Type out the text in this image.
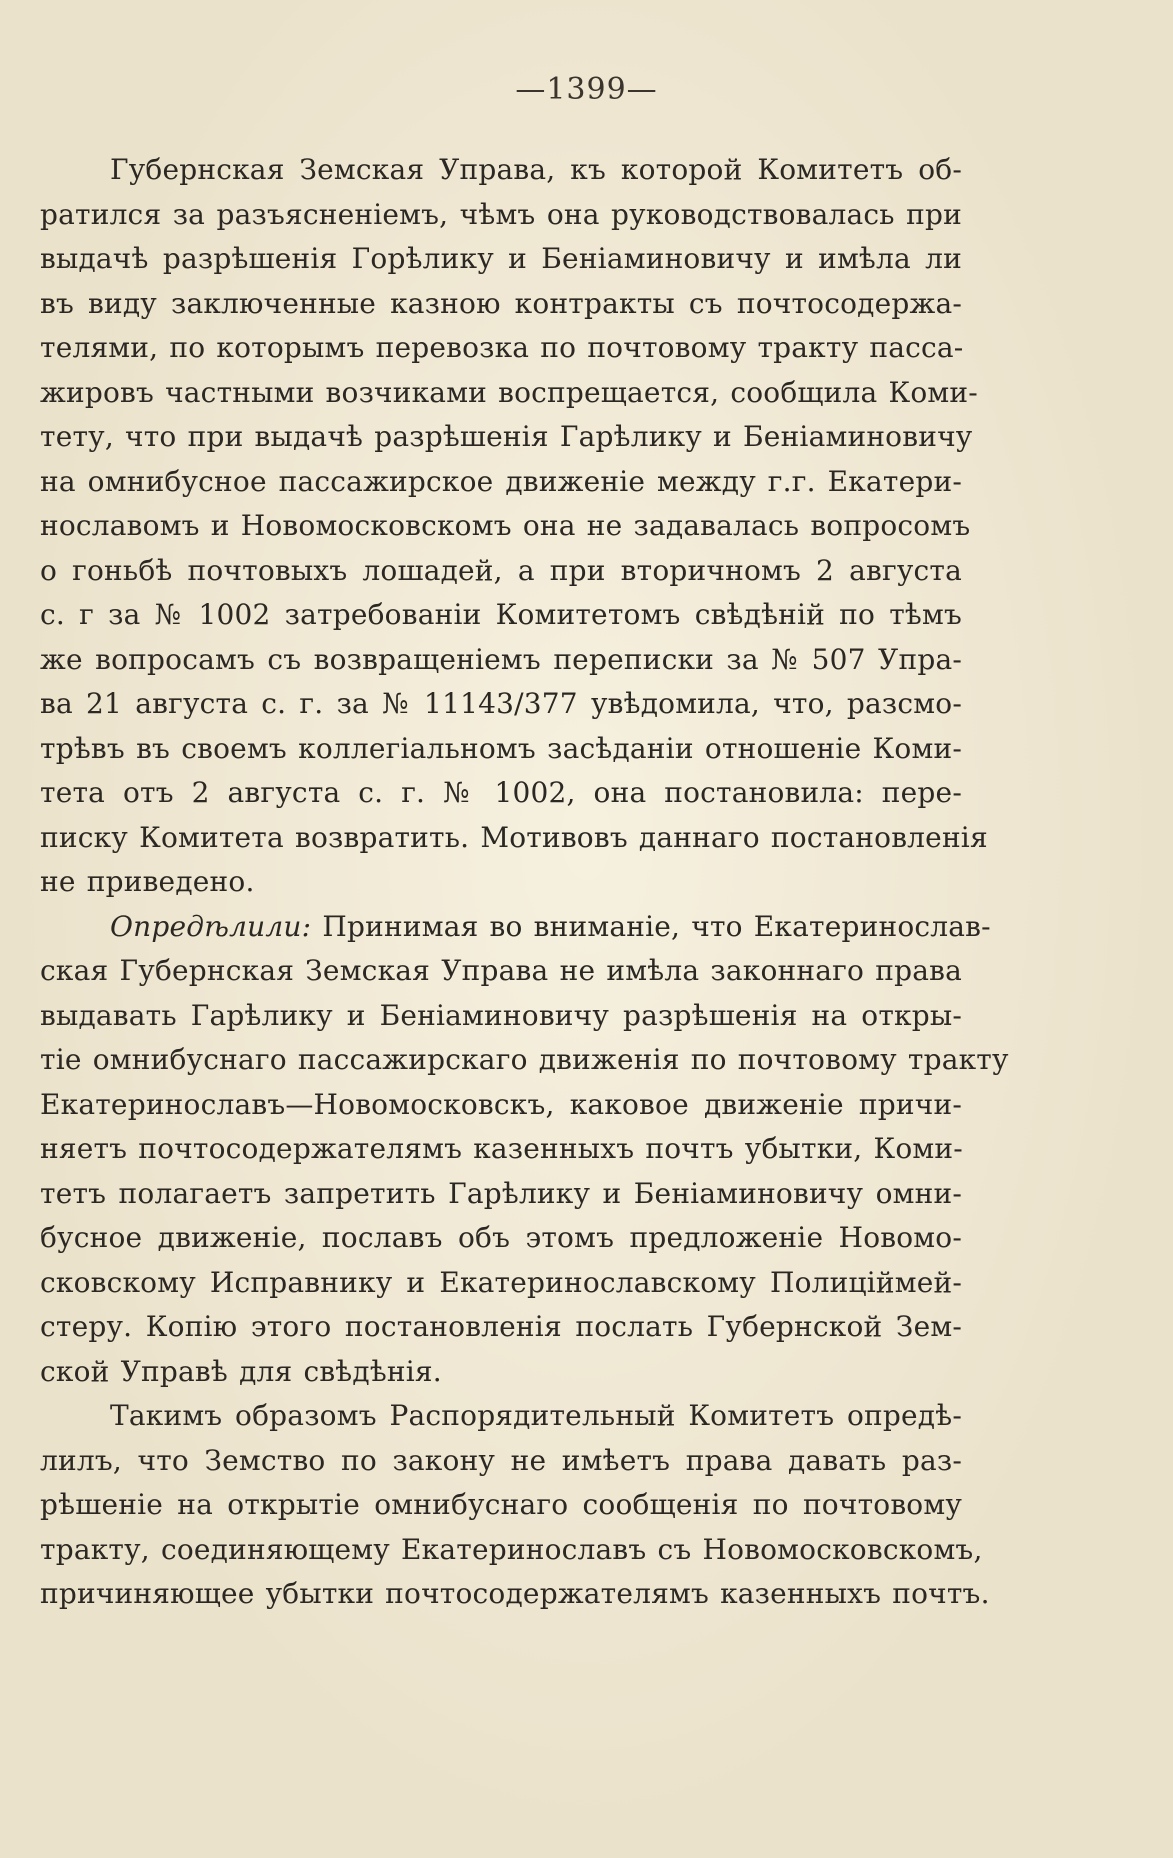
—1399—
Губернская Земская Управа, къ которой Комитетъ об-
ратился за разъясненіемъ, чѣмъ она руководствовалась при
выдачѣ разрѣшенія Горѣлику и Беніаминовичу и имѣла ли
въ виду заключенные казною контракты съ почтосодержа-
телями, по которымъ перевозка по почтовому тракту пасса-
жировъ частными возчиками воспрещается, сообщила Коми-
тету, что при выдачѣ разрѣшенія Гарѣлику и Беніаминовичу
на омнибусное пассажирское движеніе между г.г. Екатери-
нославомъ и Новомосковскомъ она не задавалась вопросомъ
о гоньбѣ почтовыхъ лошадей, а при вторичномъ 2 августа
с. г за № 1002 затребованіи Комитетомъ свѣдѣній по тѣмъ
же вопросамъ съ возвращеніемъ переписки за № 507 Упра-
ва 21 августа с. г. за № 11143/377 увѣдомила, что, разсмо-
трѣвъ въ своемъ коллегіальномъ засѣданіи отношеніе Коми-
тета отъ 2 августа с. г. № 1002, она постановила: пере-
писку Комитета возвратить. Мотивовъ даннаго постановленія
не приведено.
Опредѣлили: Принимая во вниманіе, что Екатеринослав-
ская Губернская Земская Управа не имѣла законнаго права
выдавать Гарѣлику и Беніаминовичу разрѣшенія на откры-
тіе омнибуснаго пассажирскаго движенія по почтовому тракту
Екатеринославъ—Новомосковскъ, каковое движеніе причи-
няетъ почтосодержателямъ казенныхъ почтъ убытки, Коми-
тетъ полагаетъ запретить Гарѣлику и Беніаминовичу омни-
бусное движеніе, пославъ объ этомъ предложеніе Новомо-
сковскому Исправнику и Екатеринославскому Полиціймей-
стеру. Копію этого постановленія послать Губернской Зем-
ской Управѣ для свѣдѣнія.
Такимъ образомъ Распорядительный Комитетъ опредѣ-
лилъ, что Земство по закону не имѣетъ права давать раз-
рѣшеніе на открытіе омнибуснаго сообщенія по почтовому
тракту, соединяющему Екатеринославъ съ Новомосковскомъ,
причиняющее убытки почтосодержателямъ казенныхъ почтъ.
